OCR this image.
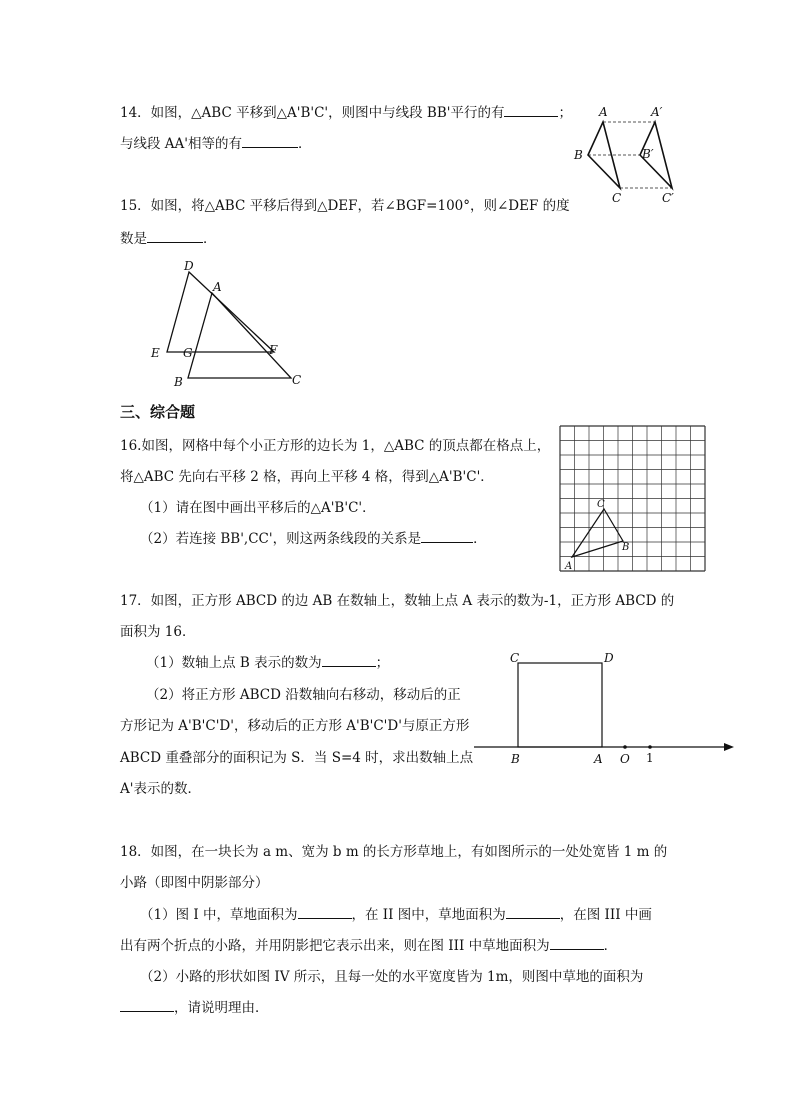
14．如图，△ABC 平移到△A'B'C'，则图中与线段 BB'平行的有	；
与线段 AA'相等的有	．
A	A′
B	B′
C	C′
15．如图，将△ABC 平移后得到△DEF，若∠BGF=100°，则∠DEF 的度
数是	．
D
A
E G	F
B	C
三、综合题
16.如图，网格中每个小正方形的边长为 1，△ABC 的顶点都在格点上，
将△ABC 先向右平移 2 格，再向上平移 4 格，得到△A'B'C'．
（1）请在图中画出平移后的△A'B'C'．
（2）若连接 BB',CC'，则这两条线段的关系是	．
A
B
C
17．如图，正方形 ABCD 的边 AB 在数轴上，数轴上点 A 表示的数为-1，正方形 ABCD 的
面积为 16．
（1）数轴上点 B 表示的数为	；
（2）将正方形 ABCD 沿数轴向右移动，移动后的正
方形记为 A'B'C'D'，移动后的正方形 A'B'C'D'与原正方形
ABCD 重叠部分的面积记为 S．当 S=4 时，求出数轴上点
A'表示的数．
C	D
B	A O 1
18．如图，在一块长为 a m、宽为 b m 的长方形草地上，有如图所示的一处处宽皆 1 m 的
小路（即图中阴影部分）
（1）图 I 中，草地面积为	，在 II 图中，草地面积为	，在图 III 中画
出有两个折点的小路，并用阴影把它表示出来，则在图 III 中草地面积为	．
（2）小路的形状如图 IV 所示，且每一处的水平宽度皆为 1m，则图中草地的面积为
，请说明理由．
